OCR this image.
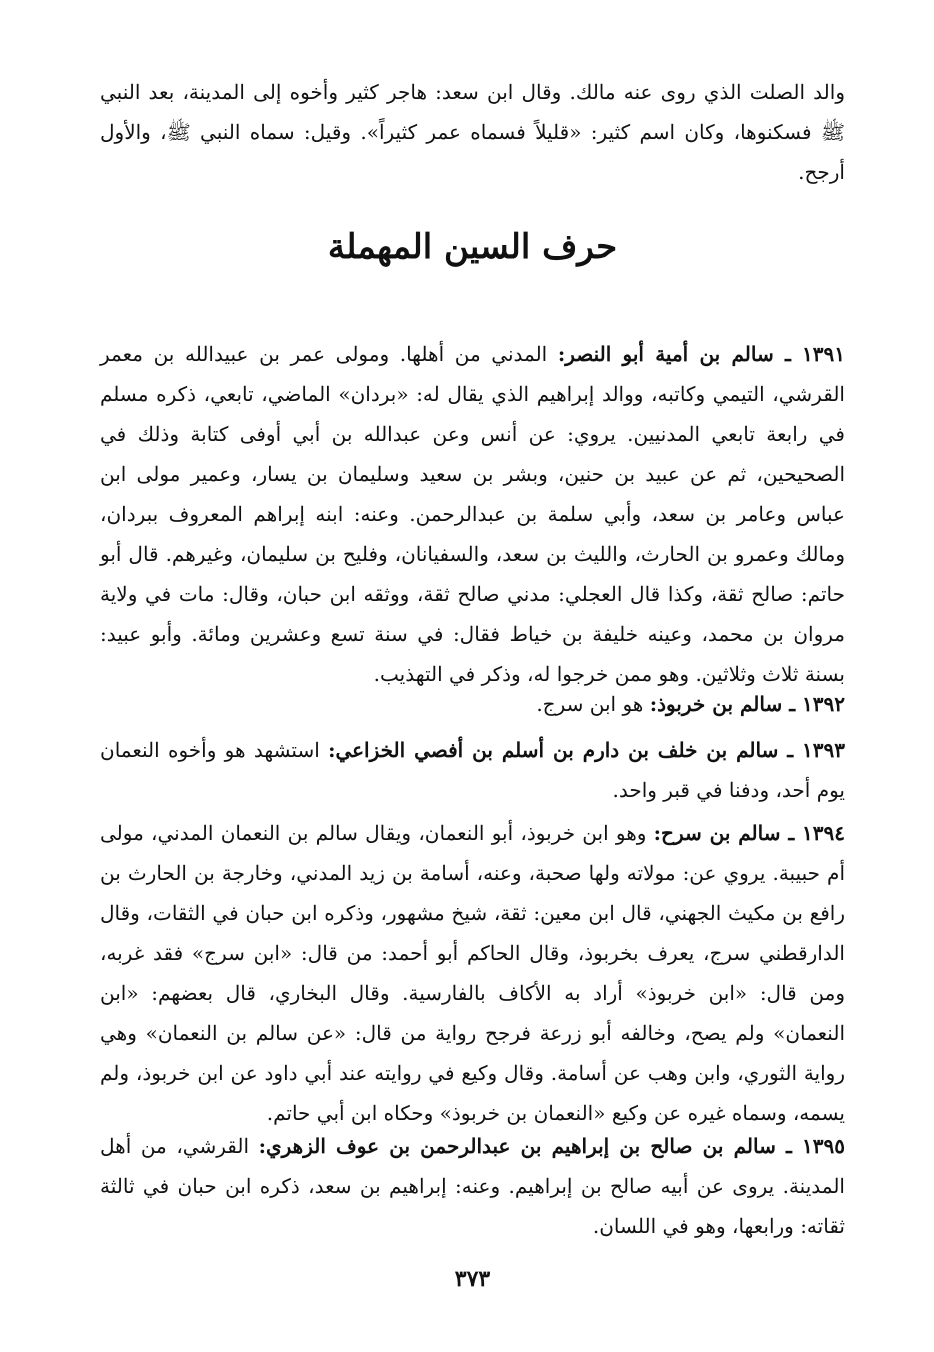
والد الصلت الذي روى عنه مالك. وقال ابن سعد: هاجر كثير وأخوه إلى المدينة، بعد النبي ﷺ فسكنوها، وكان اسم كثير: «قليلاً فسماه عمر كثيراً». وقيل: سماه النبي ﷺ، والأول أرجح.

حرف السين المهملة

١٣٩١ ـ سالم بن أمية أبو النصر: المدني من أهلها. ومولى عمر بن عبيدالله بن معمر القرشي، التيمي وكاتبه، ووالد إبراهيم الذي يقال له: «بردان» الماضي، تابعي، ذكره مسلم في رابعة تابعي المدنيين. يروي: عن أنس وعن عبدالله بن أبي أوفى كتابة وذلك في الصحيحين، ثم عن عبيد بن حنين، وبشر بن سعيد وسليمان بن يسار، وعمير مولى ابن عباس وعامر بن سعد، وأبي سلمة بن عبدالرحمن. وعنه: ابنه إبراهم المعروف ببردان، ومالك وعمرو بن الحارث، والليث بن سعد، والسفيانان، وفليح بن سليمان، وغيرهم. قال أبو حاتم: صالح ثقة، وكذا قال العجلي: مدني صالح ثقة، ووثقه ابن حبان، وقال: مات في ولاية مروان بن محمد، وعينه خليفة بن خياط فقال: في سنة تسع وعشرين ومائة. وأبو عبيد: بسنة ثلاث وثلاثين. وهو ممن خرجوا له، وذكر في التهذيب.

١٣٩٢ ـ سالم بن خربوذ: هو ابن سرج.

١٣٩٣ ـ سالم بن خلف بن دارم بن أسلم بن أفصي الخزاعي: استشهد هو وأخوه النعمان يوم أحد، ودفنا في قبر واحد.

١٣٩٤ ـ سالم بن سرح: وهو ابن خربوذ، أبو النعمان، ويقال سالم بن النعمان المدني، مولى أم حبيبة. يروي عن: مولاته ولها صحبة، وعنه، أسامة بن زيد المدني، وخارجة بن الحارث بن رافع بن مكيث الجهني، قال ابن معين: ثقة، شيخ مشهور، وذكره ابن حبان في الثقات، وقال الدارقطني سرج، يعرف بخربوذ، وقال الحاكم أبو أحمد: من قال: «ابن سرج» فقد غربه، ومن قال: «ابن خربوذ» أراد به الأكاف بالفارسية. وقال البخاري، قال بعضهم: «ابن النعمان» ولم يصح، وخالفه أبو زرعة فرجح رواية من قال: «عن سالم بن النعمان» وهي رواية الثوري، وابن وهب عن أسامة. وقال وكيع في روايته عند أبي داود عن ابن خربوذ، ولم يسمه، وسماه غيره عن وكيع «النعمان بن خربوذ» وحكاه ابن أبي حاتم.

١٣٩٥ ـ سالم بن صالح بن إبراهيم بن عبدالرحمن بن عوف الزهري: القرشي، من أهل المدينة. يروى عن أبيه صالح بن إبراهيم. وعنه: إبراهيم بن سعد، ذكره ابن حبان في ثالثة ثقاته: ورابعها، وهو في اللسان.

٣٧٣
